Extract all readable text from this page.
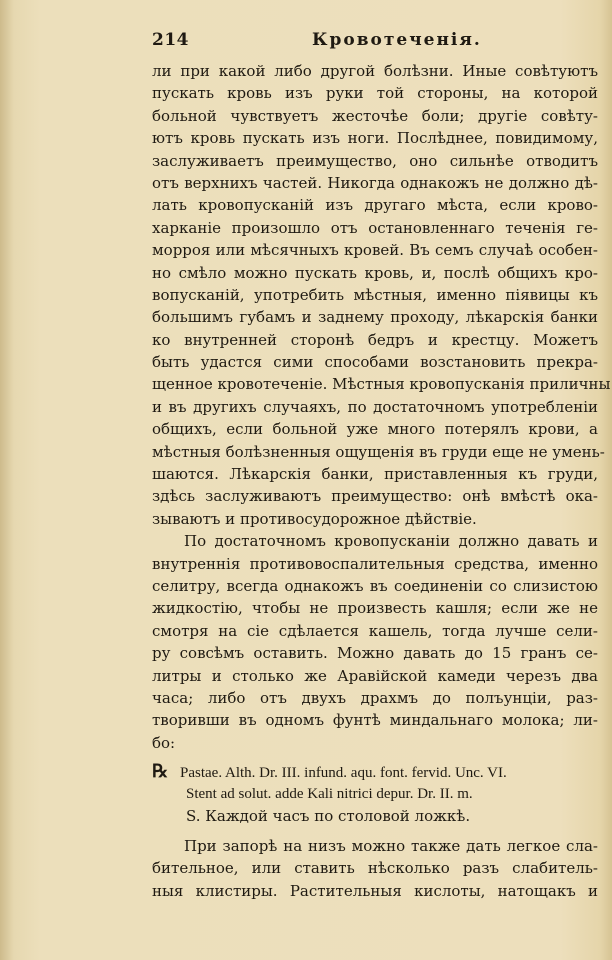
214	Кровотеченія.
ли при какой либо другой болѣзни. Иные совѣтуютъ
пускать кровь изъ руки той стороны, на которой
больной чувствуетъ жесточѣе боли; другіе совѣту-
ютъ кровь пускать изъ ноги. Послѣднее, повидимому,
заслуживаетъ преимущество, оно сильнѣе отводитъ
отъ верхнихъ частей. Никогда однакожъ не должно дѣ-
лать кровопусканій изъ другаго мѣста, если крово-
харканіе произошло отъ остановленнаго теченія ге-
морроя или мѣсячныхъ кровей. Въ семъ случаѣ особен-
но смѣло можно пускать кровь, и, послѣ общихъ кро-
вопусканій, употребить мѣстныя, именно піявицы къ
большимъ губамъ и заднему проходу, лѣкарскія банки
ко внутренней сторонѣ бедръ и крестцу. Можетъ
быть удастся сими способами возстановить прекра-
щенное кровотеченіе. Мѣстныя кровопусканія приличны
и въ другихъ случаяхъ, по достаточномъ употребленіи
общихъ, если больной уже много потерялъ крови, а
мѣстныя болѣзненныя ощущенія въ груди еще не умень-
шаются. Лѣкарскія банки, приставленныя къ груди,
здѣсь заслуживаютъ преимущество: онѣ вмѣстѣ ока-
зываютъ и противосудорожное дѣйствіе.
По достаточномъ кровопусканіи должно давать и
внутреннія противовоспалительныя средства, именно
селитру, всегда однакожъ въ соединеніи со слизистою
жидкостію, чтобы не произвесть кашля; если же не
смотря на сіе сдѣлается кашель, тогда лучше сели-
ру совсѣмъ оставить. Можно давать до 15 гранъ се-
литры и столько же Аравійской камеди черезъ два
часа; либо отъ двухъ драхмъ до полъунціи, раз-
творивши въ одномъ фунтѣ миндальнаго молока; ли-
бо:
℞ Pastae. Alth. Dr. III. infund. aqu. font. fervid. Unc. VI.
Stent ad solut. adde Kali nitrici depur. Dr. II. m.
S. Каждой часъ по столовой ложкѣ.
При запорѣ на низъ можно также дать легкое сла-
бительное, или ставить нѣсколько разъ слабитель-
ныя клистиры. Растительныя кислоты, натощакъ и
